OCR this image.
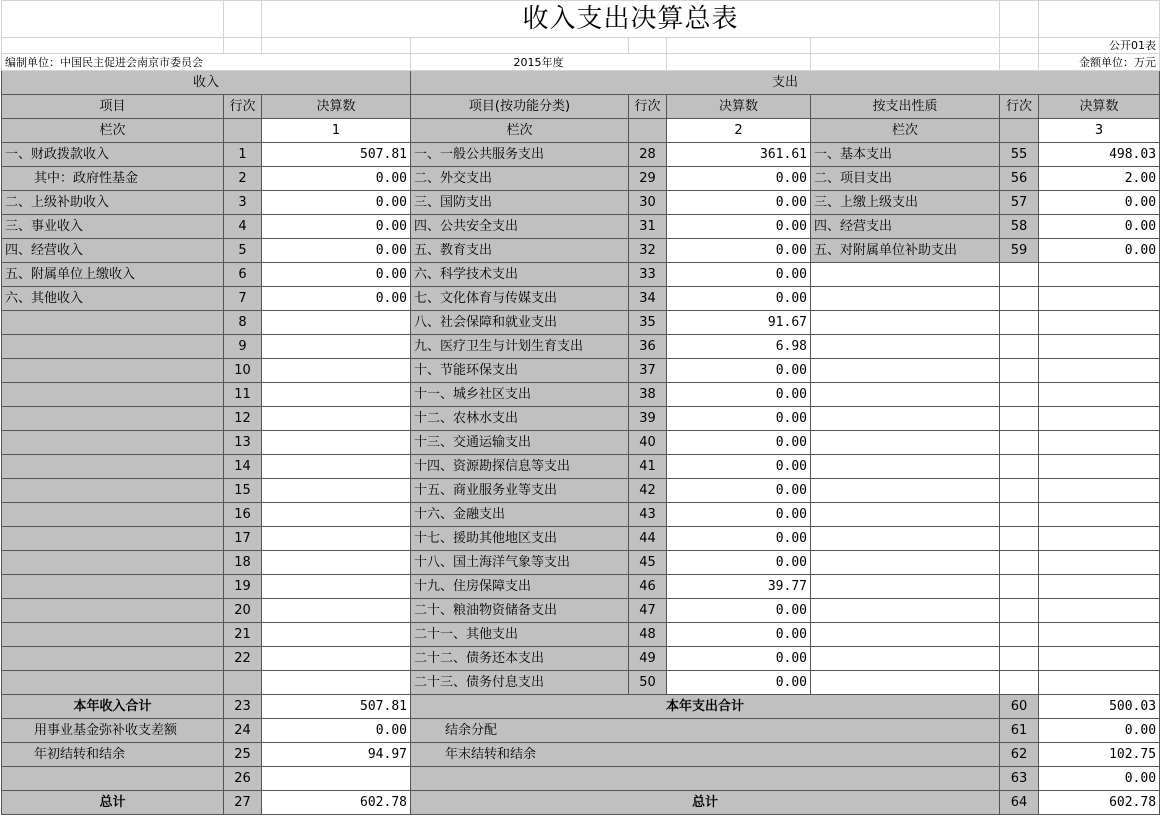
		收入支出决算总表						
								公开01表
编制单位：中国民主促进会南京市委员会			2015年度					金额单位：万元
收入			支出					
项目	行次	决算数	项目(按功能分类)	行次	决算数	按支出性质	行次	决算数
栏次		1	栏次		2	栏次		3
一、财政拨款收入	1	507.81	一、一般公共服务支出	28	361.61	一、基本支出	55	498.03
其中：政府性基金	2	0.00	二、外交支出	29	0.00	二、项目支出	56	2.00
二、上级补助收入	3	0.00	三、国防支出	30	0.00	三、上缴上级支出	57	0.00
三、事业收入	4	0.00	四、公共安全支出	31	0.00	四、经营支出	58	0.00
四、经营收入	5	0.00	五、教育支出	32	0.00	五、对附属单位补助支出	59	0.00
五、附属单位上缴收入	6	0.00	六、科学技术支出	33	0.00			
六、其他收入	7	0.00	七、文化体育与传媒支出	34	0.00			
	8		八、社会保障和就业支出	35	91.67			
	9		九、医疗卫生与计划生育支出	36	6.98			
	10		十、节能环保支出	37	0.00			
	11		十一、城乡社区支出	38	0.00			
	12		十二、农林水支出	39	0.00			
	13		十三、交通运输支出	40	0.00			
	14		十四、资源勘探信息等支出	41	0.00			
	15		十五、商业服务业等支出	42	0.00			
	16		十六、金融支出	43	0.00			
	17		十七、援助其他地区支出	44	0.00			
	18		十八、国土海洋气象等支出	45	0.00			
	19		十九、住房保障支出	46	39.77			
	20		二十、粮油物资储备支出	47	0.00			
	21		二十一、其他支出	48	0.00			
	22		二十二、债务还本支出	49	0.00			
			二十三、债务付息支出	50	0.00			
本年收入合计	23	507.81	本年支出合计				60	500.03
用事业基金弥补收支差额	24	0.00	结余分配				61	0.00
年初结转和结余	25	94.97	年末结转和结余				62	102.75
	26						63	0.00
总计	27	602.78	总计				64	602.78
